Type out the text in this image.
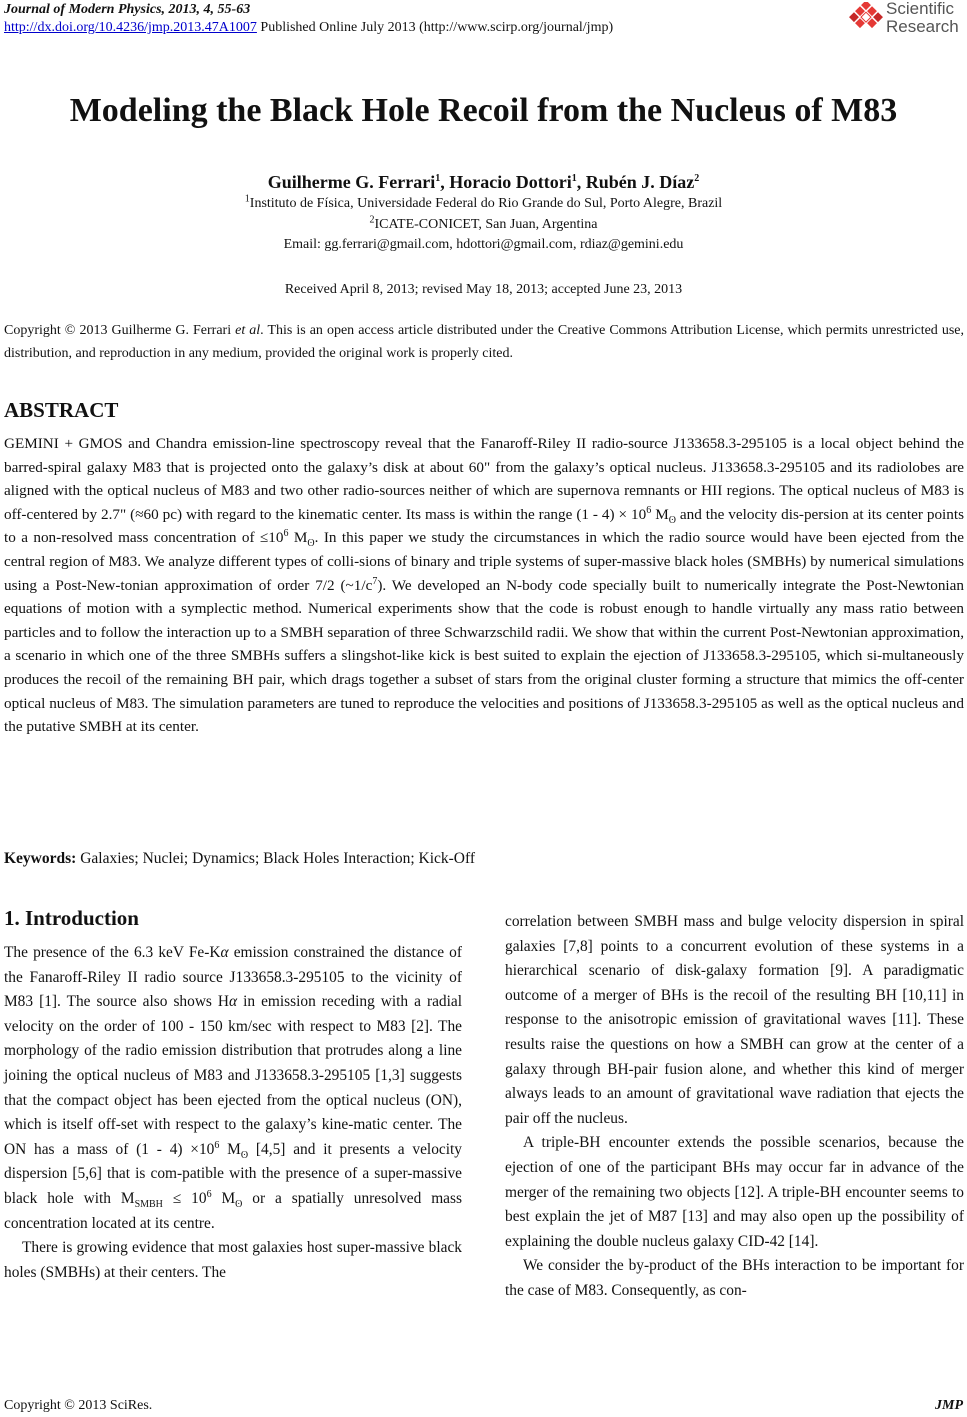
Journal of Modern Physics, 2013, 4, 55-63
http://dx.doi.org/10.4236/jmp.2013.47A1007 Published Online July 2013 (http://www.scirp.org/journal/jmp)
Scientific
Research
Modeling the Black Hole Recoil from the Nucleus of M83
Guilherme G. Ferrari$^1$, Horacio Dottori$^1$, Rubén J. Díaz$^2$
$^1$Instituto de Física, Universidade Federal do Rio Grande do Sul, Porto Alegre, Brazil
$^2$ICATE-CONICET, San Juan, Argentina
Email: gg.ferrari@gmail.com, hdottori@gmail.com, rdiaz@gemini.edu
Received April 8, 2013; revised May 18, 2013; accepted June 23, 2013
Copyright © 2013 Guilherme G. Ferrari et al. This is an open access article distributed under the Creative Commons Attribution License, which permits unrestricted use, distribution, and reproduction in any medium, provided the original work is properly cited.
ABSTRACT
GEMINI + GMOS and Chandra emission-line spectroscopy reveal that the Fanaroff-Riley II radio-source J133658.3-295105 is a local object behind the barred-spiral galaxy M83 that is projected onto the galaxy’s disk at about 60" from the galaxy’s optical nucleus. J133658.3-295105 and its radiolobes are aligned with the optical nucleus of M83 and two other radio-sources neither of which are supernova remnants or HII regions. The optical nucleus of M83 is off-centered by 2.7" (≈60 pc) with regard to the kinematic center. Its mass is within the range $(1 - 4) \times 10^6$ $M_ʘ$ and the velocity dis-persion at its center points to a non-resolved mass concentration of $\le 10^6$ $M_ʘ$. In this paper we study the circumstances in which the radio source would have been ejected from the central region of M83. We analyze different types of colli-sions of binary and triple systems of super-massive black holes (SMBHs) by numerical simulations using a Post-New-tonian approximation of order 7/2 $(\sim 1/c^7)$. We developed an N-body code specially built to numerically integrate the Post-Newtonian equations of motion with a symplectic method. Numerical experiments show that the code is robust enough to handle virtually any mass ratio between particles and to follow the interaction up to a SMBH separation of three Schwarzschild radii. We show that within the current Post-Newtonian approximation, a scenario in which one of the three SMBHs suffers a slingshot-like kick is best suited to explain the ejection of J133658.3-295105, which si-multaneously produces the recoil of the remaining BH pair, which drags together a subset of stars from the original cluster forming a structure that mimics the off-center optical nucleus of M83. The simulation parameters are tuned to reproduce the velocities and positions of J133658.3-295105 as well as the optical nucleus and the putative SMBH at its center.
Keywords: Galaxies; Nuclei; Dynamics; Black Holes Interaction; Kick-Off
1. Introduction

The presence of the 6.3 keV Fe-Kα emission constrained the distance of the Fanaroff-Riley II radio source J133658.3-295105 to the vicinity of M83 [1]. The source also shows Hα in emission receding with a radial velocity on the order of 100 - 150 km/sec with respect to M83 [2]. The morphology of the radio emission distribution that protrudes along a line joining the optical nucleus of M83 and J133658.3-295105 [1,3] suggests that the compact object has been ejected from the optical nucleus (ON), which is itself off-set with respect to the galaxy’s kine-matic center. The ON has a mass of $(1 - 4) \times 10^6$ $M_ʘ$ [4,5] and it presents a velocity dispersion [5,6] that is com-patible with the presence of a super-massive black hole with $M_{SMBH} \le 10^6$ $M_ʘ$ or a spatially unresolved mass concentration located at its centre.

There is growing evidence that most galaxies host super-massive black holes (SMBHs) at their centers. The

correlation between SMBH mass and bulge velocity dispersion in spiral galaxies [7,8] points to a concurrent evolution of these systems in a hierarchical scenario of disk-galaxy formation [9]. A paradigmatic outcome of a merger of BHs is the recoil of the resulting BH [10,11] in response to the anisotropic emission of gravitational waves [11]. These results raise the questions on how a SMBH can grow at the center of a galaxy through BH-pair fusion alone, and whether this kind of merger always leads to an amount of gravitational wave radiation that ejects the pair off the nucleus.

A triple-BH encounter extends the possible scenarios, because the ejection of one of the participant BHs may occur far in advance of the merger of the remaining two objects [12]. A triple-BH encounter seems to best explain the jet of M87 [13] and may also open up the possibility of explaining the double nucleus galaxy CID-42 [14].

We consider the by-product of the BHs interaction to be important for the case of M83. Consequently, as con-

Copyright © 2013 SciRes.	JMP
